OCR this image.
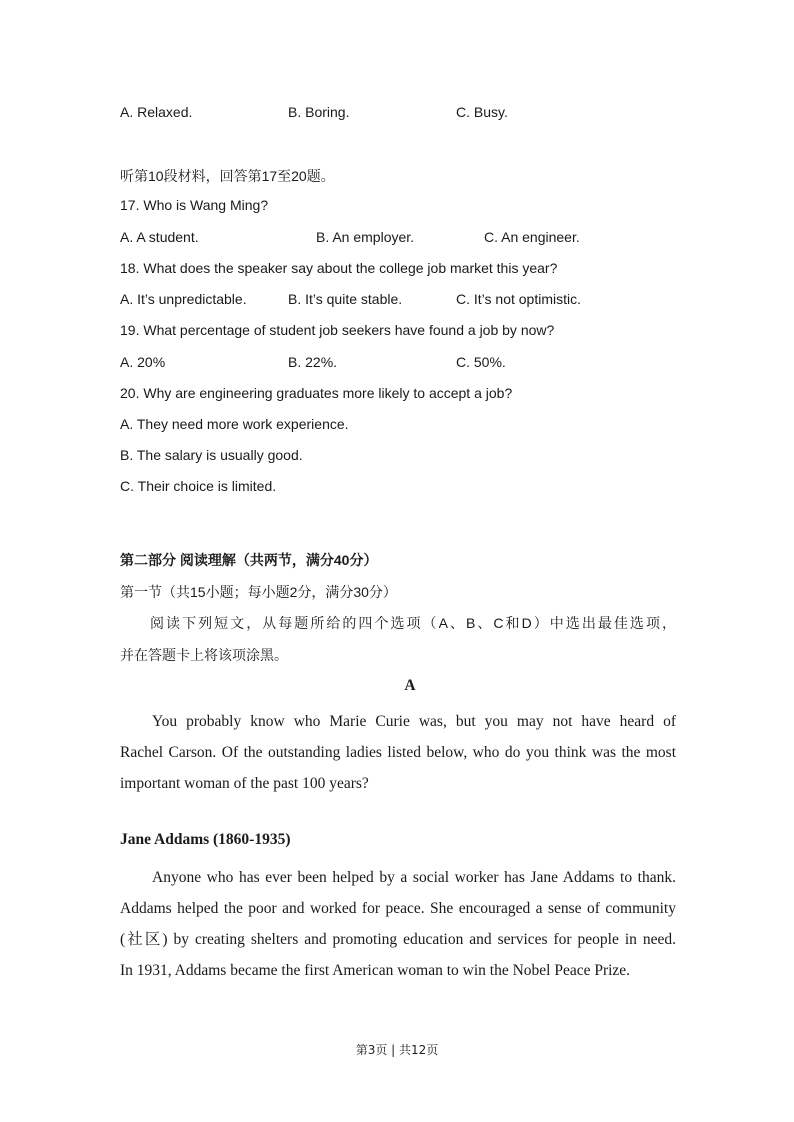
A. Relaxed.	B. Boring.	C. Busy.
听第10段材料，回答第17至20题。
17. Who is Wang Ming?
A. A student.	B. An employer.	C. An engineer.
18. What does the speaker say about the college job market this year?
A. It’s unpredictable.	B. It’s quite stable.	C. It’s not optimistic.
19. What percentage of student job seekers have found a job by now?
A. 20%	B. 22%.	C. 50%.
20. Why are engineering graduates more likely to accept a job?
A. They need more work experience.
B. The salary is usually good.
C. Their choice is limited.
第二部分 阅读理解（共两节，满分40分）
第一节（共15小题；每小题2分，满分30分）
阅读下列短文，从每题所给的四个选项（A、B、C和D）中选出最佳选项，
并在答题卡上将该项涂黑。
A
You probably know who Marie Curie was, but you may not have heard of
Rachel Carson. Of the outstanding ladies listed below, who do you think was the most
important woman of the past 100 years?
Jane Addams (1860-1935)
Anyone who has ever been helped by a social worker has Jane Addams to thank.
Addams helped the poor and worked for peace. She encouraged a sense of community
(社区) by creating shelters and promoting education and services for people in need.
In 1931, Addams became the first American woman to win the Nobel Peace Prize.
第3页 | 共12页
